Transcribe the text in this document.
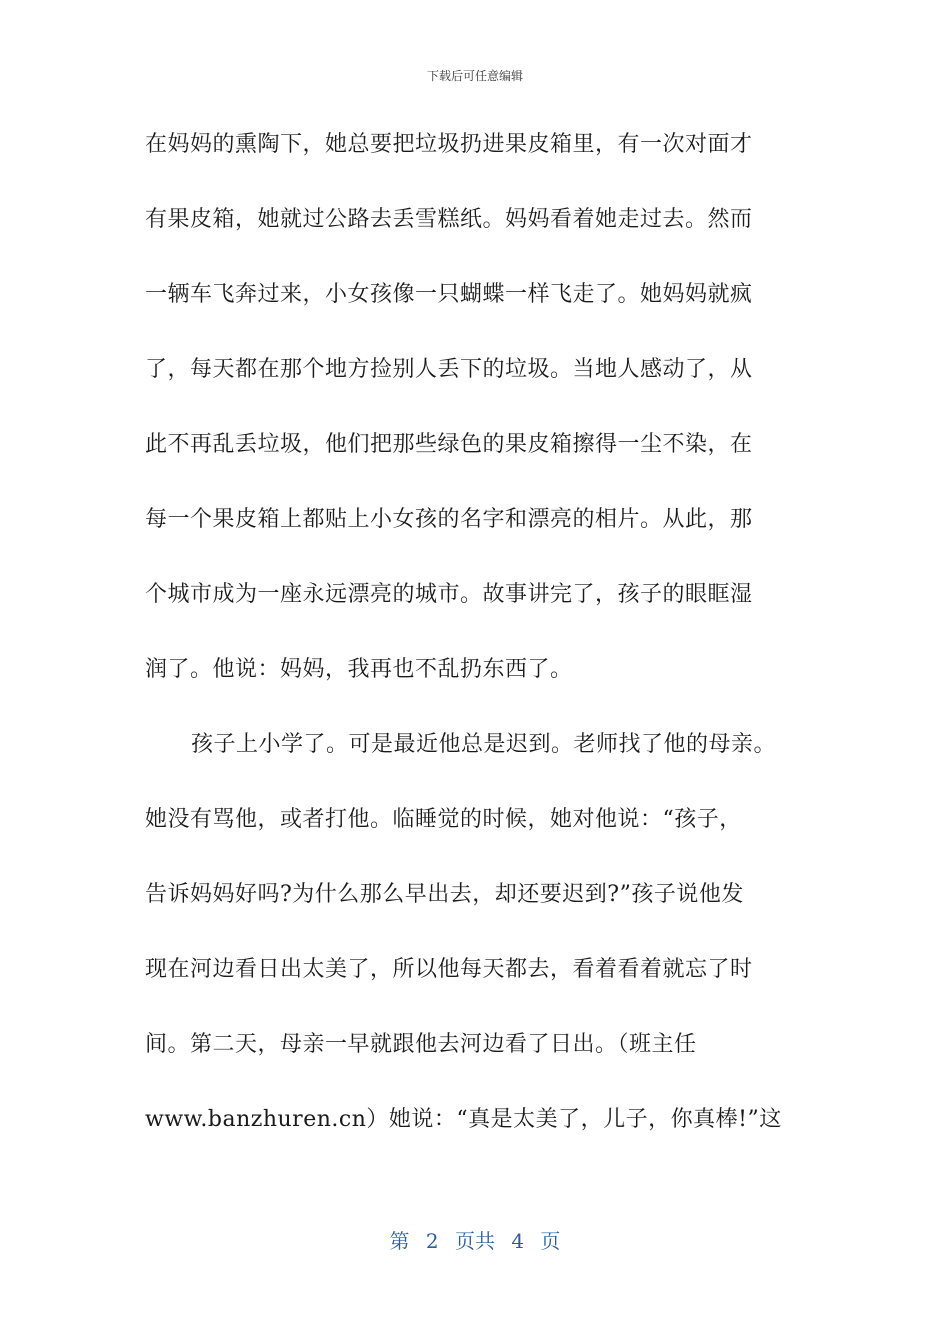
下载后可任意编辑
在妈妈的熏陶下，她总要把垃圾扔进果皮箱里，有一次对面才
有果皮箱，她就过公路去丢雪糕纸。妈妈看着她走过去。然而
一辆车飞奔过来，小女孩像一只蝴蝶一样飞走了。她妈妈就疯
了，每天都在那个地方捡别人丢下的垃圾。当地人感动了，从
此不再乱丢垃圾，他们把那些绿色的果皮箱擦得一尘不染，在
每一个果皮箱上都贴上小女孩的名字和漂亮的相片。从此，那
个城市成为一座永远漂亮的城市。故事讲完了，孩子的眼眶湿
润了。他说：妈妈，我再也不乱扔东西了。
孩子上小学了。可是最近他总是迟到。老师找了他的母亲。
她没有骂他，或者打他。临睡觉的时候，她对他说：“孩子，
告诉妈妈好吗?为什么那么早出去，却还要迟到?”孩子说他发
现在河边看日出太美了，所以他每天都去，看着看着就忘了时
间。第二天，母亲一早就跟他去河边看了日出。（班主任
www.banzhuren.cn）她说：“真是太美了，儿子，你真棒!”这
第 2 页共 4 页
